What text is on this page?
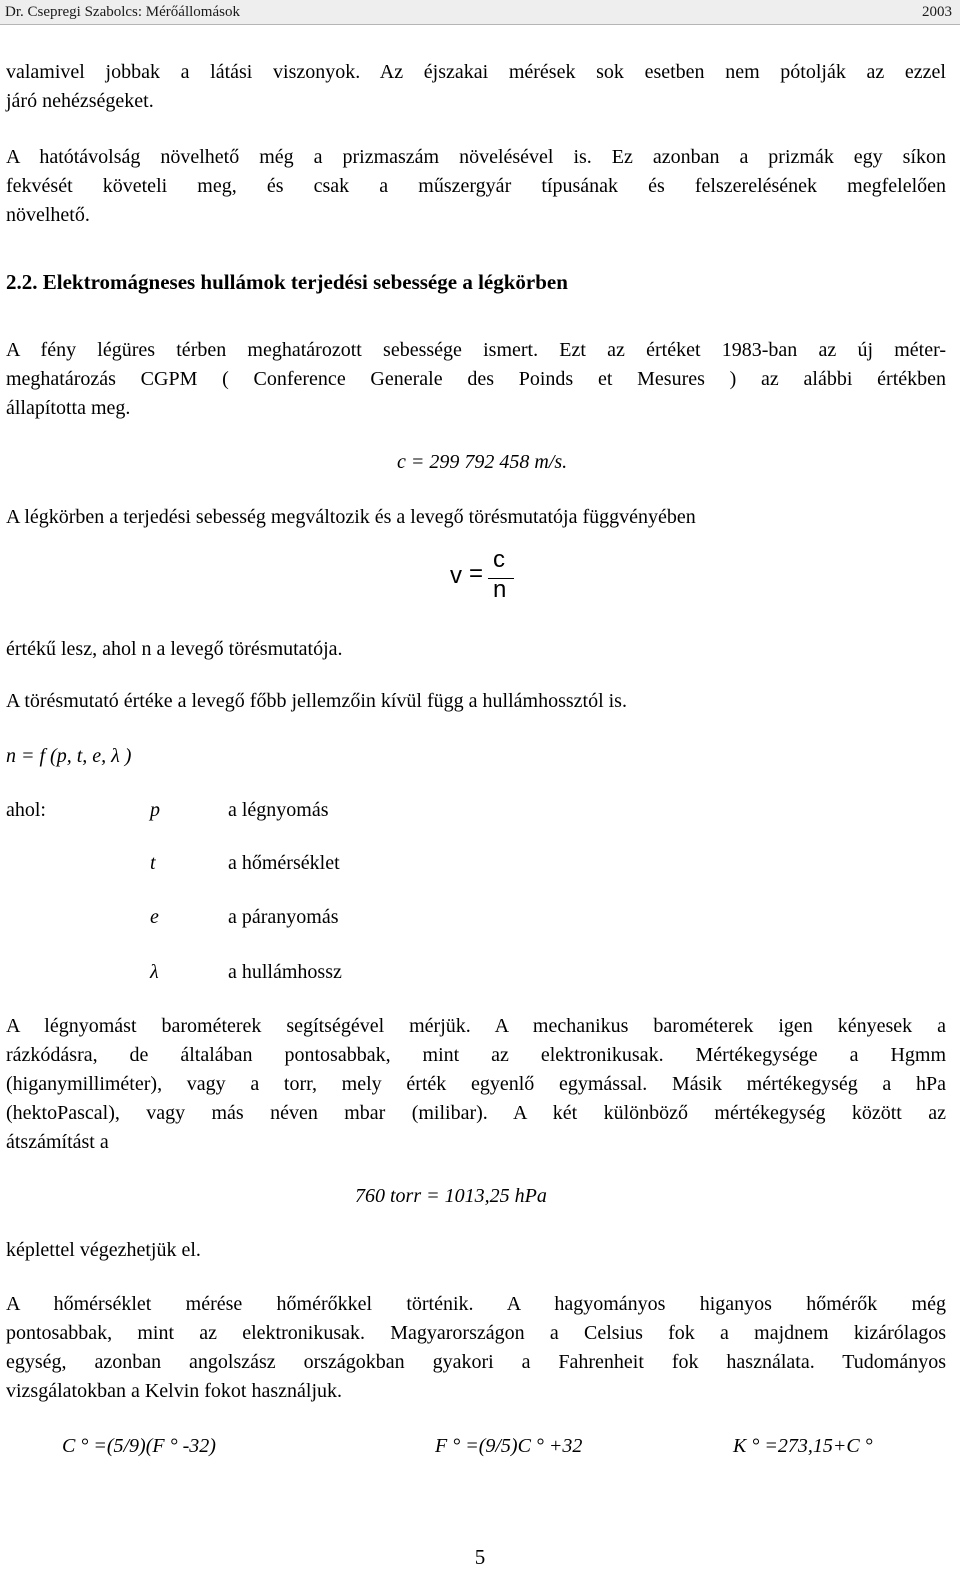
Dr. Csepregi Szabolcs: Mérőállomások	2003
valamivel jobbak a látási viszonyok. Az éjszakai mérések sok esetben nem pótolják az ezzel
járó nehézségeket.
A hatótávolság növelhető még a prizmaszám növelésével is. Ez azonban a prizmák egy síkon
fekvését követeli meg, és csak a műszergyár típusának és felszerelésének megfelelően
növelhető.
2.2. Elektromágneses hullámok terjedési sebessége a légkörben
A fény légüres térben meghatározott sebessége ismert. Ezt az értéket 1983-ban az új méter-
meghatározás CGPM ( Conference Generale des Poinds et Mesures ) az alábbi értékben
állapította meg.
c = 299 792 458 m/s.
A légkörben a terjedési sebesség megváltozik és a levegő törésmutatója függvényében
v =
c
n
értékű lesz, ahol n a levegő törésmutatója.
A törésmutató értéke a levegő főbb jellemzőin kívül függ a hullámhossztól is.
n = f (p, t, e, λ )
ahol:	p	a légnyomás
t	a hőmérséklet
e	a páranyomás
λ	a hullámhossz
A légnyomást barométerek segítségével mérjük. A mechanikus barométerek igen kényesek a
rázkódásra, de általában pontosabbak, mint az elektronikusak. Mértékegysége a Hgmm
(higanymilliméter), vagy a torr, mely érték egyenlő egymással. Másik mértékegység a hPa
(hektoPascal), vagy más néven mbar (milibar). A két különböző mértékegység között az
átszámítást a
760 torr = 1013,25 hPa
képlettel végezhetjük el.
A hőmérséklet mérése hőmérőkkel történik. A hagyományos higanyos hőmérők még
pontosabbak, mint az elektronikusak. Magyarországon a Celsius fok a majdnem kizárólagos
egység, azonban angolszász országokban gyakori a Fahrenheit fok használata. Tudományos
vizsgálatokban a Kelvin fokot használjuk.
C ° =(5/9)(F ° -32)	F ° =(9/5)C ° +32	K ° =273,15+C °
5
